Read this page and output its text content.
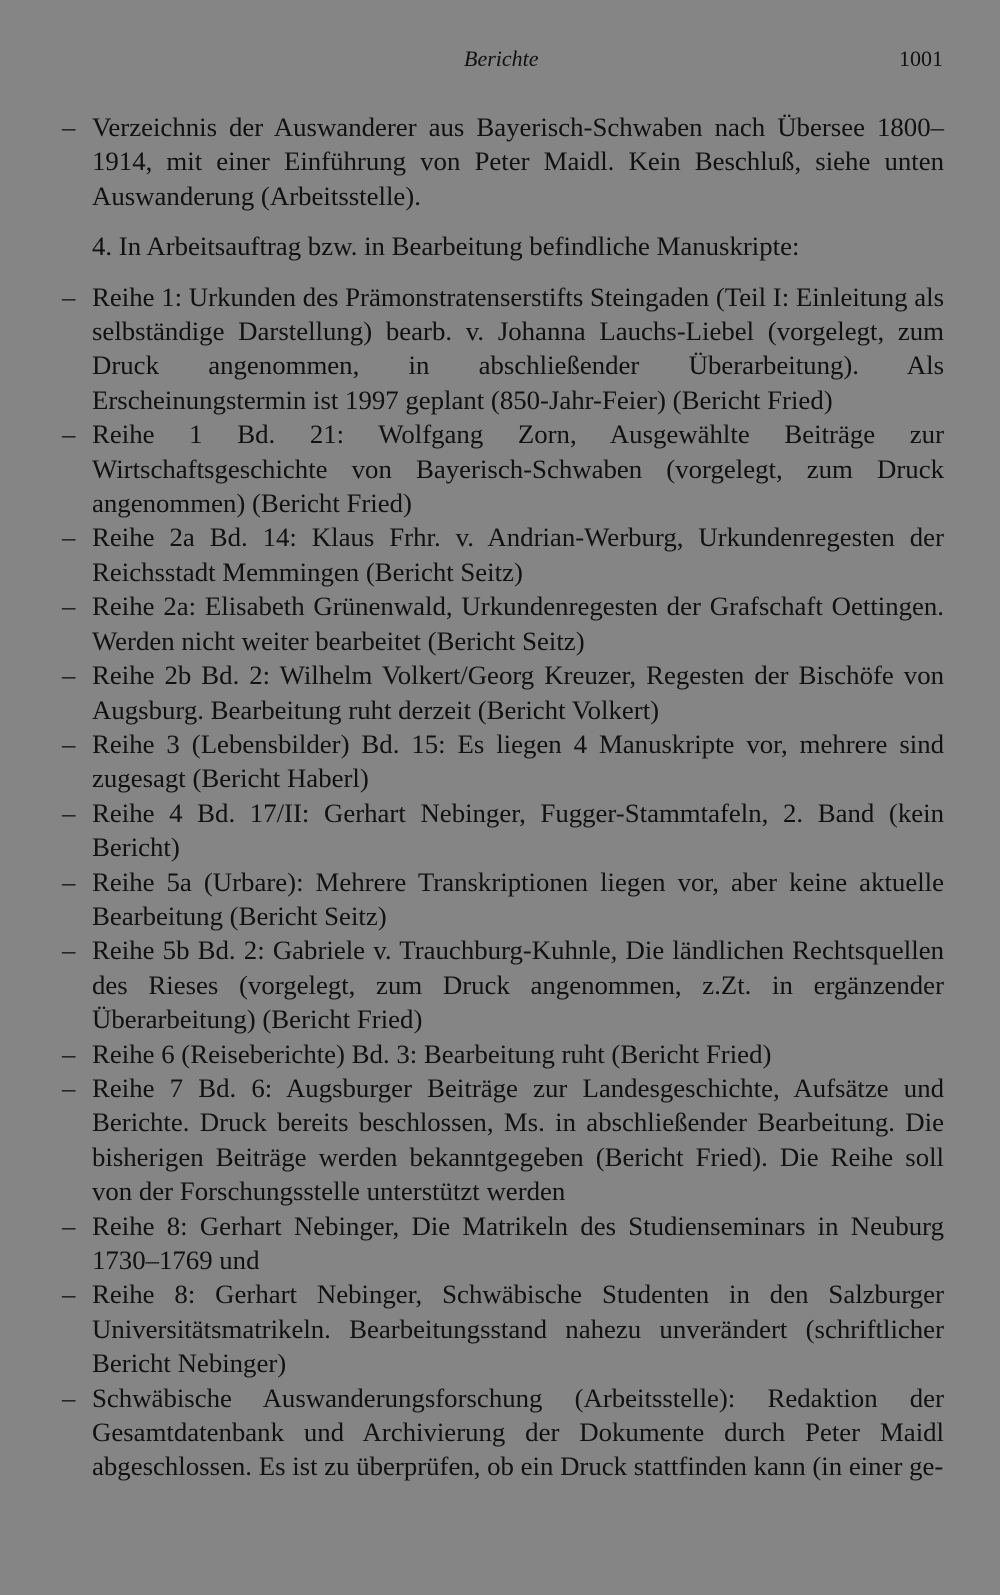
Berichte	1001

– Verzeichnis der Auswanderer aus Bayerisch-Schwaben nach Übersee 1800–1914, mit einer Einführung von Peter Maidl. Kein Beschluß, siehe unten Auswanderung (Arbeitsstelle).

4. In Arbeitsauftrag bzw. in Bearbeitung befindliche Manuskripte:

– Reihe 1: Urkunden des Prämonstratenserstifts Steingaden (Teil I: Einleitung als selbständige Darstellung) bearb. v. Johanna Lauchs-Liebel (vorgelegt, zum Druck angenommen, in abschließender Überarbeitung). Als Erscheinungstermin ist 1997 geplant (850-Jahr-Feier) (Bericht Fried)

– Reihe 1 Bd. 21: Wolfgang Zorn, Ausgewählte Beiträge zur Wirtschaftsgeschichte von Bayerisch-Schwaben (vorgelegt, zum Druck angenommen) (Bericht Fried)

– Reihe 2a Bd. 14: Klaus Frhr. v. Andrian-Werburg, Urkundenregesten der Reichsstadt Memmingen (Bericht Seitz)

– Reihe 2a: Elisabeth Grünenwald, Urkundenregesten der Grafschaft Oettingen. Werden nicht weiter bearbeitet (Bericht Seitz)

– Reihe 2b Bd. 2: Wilhelm Volkert/Georg Kreuzer, Regesten der Bischöfe von Augsburg. Bearbeitung ruht derzeit (Bericht Volkert)

– Reihe 3 (Lebensbilder) Bd. 15: Es liegen 4 Manuskripte vor, mehrere sind zugesagt (Bericht Haberl)

– Reihe 4 Bd. 17/II: Gerhart Nebinger, Fugger-Stammtafeln, 2. Band (kein Bericht)

– Reihe 5a (Urbare): Mehrere Transkriptionen liegen vor, aber keine aktuelle Bearbeitung (Bericht Seitz)

– Reihe 5b Bd. 2: Gabriele v. Trauchburg-Kuhnle, Die ländlichen Rechtsquellen des Rieses (vorgelegt, zum Druck angenommen, z.Zt. in ergänzender Überarbeitung) (Bericht Fried)

– Reihe 6 (Reiseberichte) Bd. 3: Bearbeitung ruht (Bericht Fried)

– Reihe 7 Bd. 6: Augsburger Beiträge zur Landesgeschichte, Aufsätze und Berichte. Druck bereits beschlossen, Ms. in abschließender Bearbeitung. Die bisherigen Beiträge werden bekanntgegeben (Bericht Fried). Die Reihe soll von der Forschungsstelle unterstützt werden

– Reihe 8: Gerhart Nebinger, Die Matrikeln des Studienseminars in Neuburg 1730–1769 und

– Reihe 8: Gerhart Nebinger, Schwäbische Studenten in den Salzburger Universitätsmatrikeln. Bearbeitungsstand nahezu unverändert (schriftlicher Bericht Nebinger)

– Schwäbische Auswanderungsforschung (Arbeitsstelle): Redaktion der Gesamtdatenbank und Archivierung der Dokumente durch Peter Maidl abgeschlossen. Es ist zu überprüfen, ob ein Druck stattfinden kann (in einer ge-
